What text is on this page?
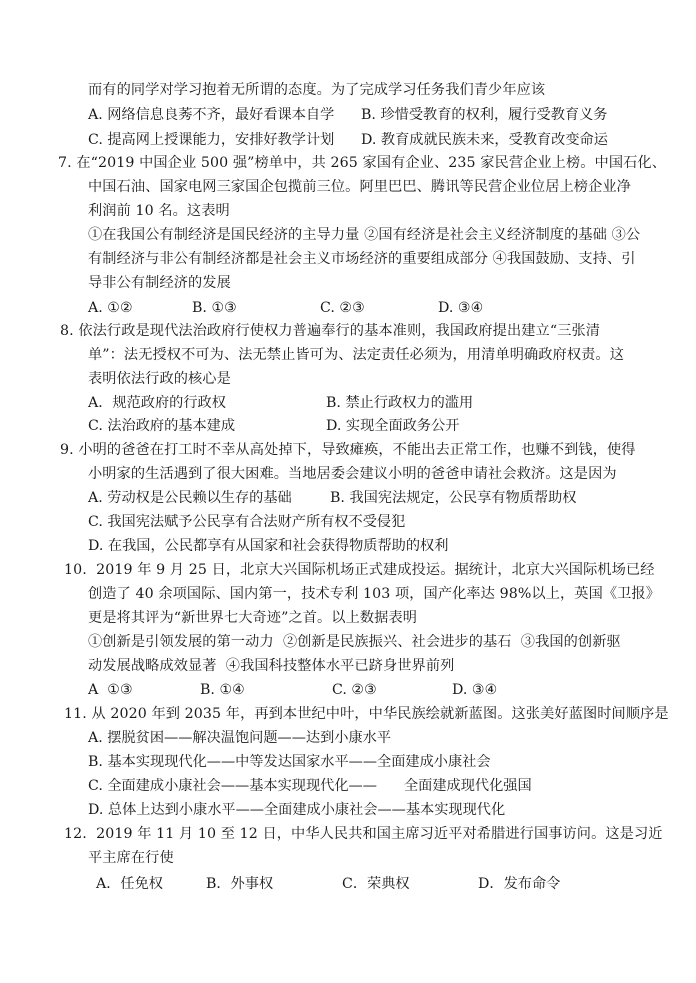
而有的同学对学习抱着无所谓的态度。为了完成学习任务我们青少年应该
A. 网络信息良莠不齐，最好看课本自学 B. 珍惜受教育的权利，履行受教育义务
C. 提高网上授课能力，安排好教学计划 D. 教育成就民族未来，受教育改变命运
7. 在“2019 中国企业 500 强”榜单中，共 265 家国有企业、235 家民营企业上榜。中国石化、
中国石油、国家电网三家国企包揽前三位。阿里巴巴、腾讯等民营企业位居上榜企业净
利润前 10 名。这表明
①在我国公有制经济是国民经济的主导力量 ②国有经济是社会主义经济制度的基础 ③公
有制经济与非公有制经济都是社会主义市场经济的重要组成部分 ④我国鼓励、支持、引
导非公有制经济的发展
A. ①②	B. ①③	C. ②③	D. ③④
8. 依法行政是现代法治政府行使权力普遍奉行的基本准则，我国政府提出建立“三张清
单”：法无授权不可为、法无禁止皆可为、法定责任必须为，用清单明确政府权责。这
表明依法行政的核心是
A．规范政府的行政权	B. 禁止行政权力的滥用
C. 法治政府的基本建成	D. 实现全面政务公开
9. 小明的爸爸在打工时不幸从高处掉下，导致瘫痪，不能出去正常工作，也赚不到钱，使得
小明家的生活遇到了很大困难。当地居委会建议小明的爸爸申请社会救济。这是因为
A. 劳动权是公民赖以生存的基础	B. 我国宪法规定，公民享有物质帮助权
C. 我国宪法赋予公民享有合法财产所有权不受侵犯
D. 在我国，公民都享有从国家和社会获得物质帮助的权利
10.  2019 年 9 月 25 日，北京大兴国际机场正式建成投运。据统计，北京大兴国际机场已经
创造了 40 余项国际、国内第一，技术专利 103 项，国产化率达 98%以上，英国《卫报》
更是将其评为“新世界七大奇迹”之首。以上数据表明
①创新是引领发展的第一动力  ②创新是民族振兴、社会进步的基石  ③我国的创新驱
动发展战略成效显著  ④我国科技整体水平已跻身世界前列
A  ①③	B. ①④	C. ②③	D. ③④
11. 从 2020 年到 2035 年，再到本世纪中叶，中华民族绘就新蓝图。这张美好蓝图时间顺序是
A. 摆脱贫困——解决温饱问题——达到小康水平
B. 基本实现现代化——中等发达国家水平——全面建成小康社会
C. 全面建成小康社会——基本实现现代化——      全面建成现代化强国
D. 总体上达到小康水平——全面建成小康社会——基本实现现代化
12.  2019 年 11 月 10 至 12 日，中华人民共和国主席习近平对希腊进行国事访问。这是习近
平主席在行使
A．任免权	B．外事权	C．荣典权	D．发布命令
